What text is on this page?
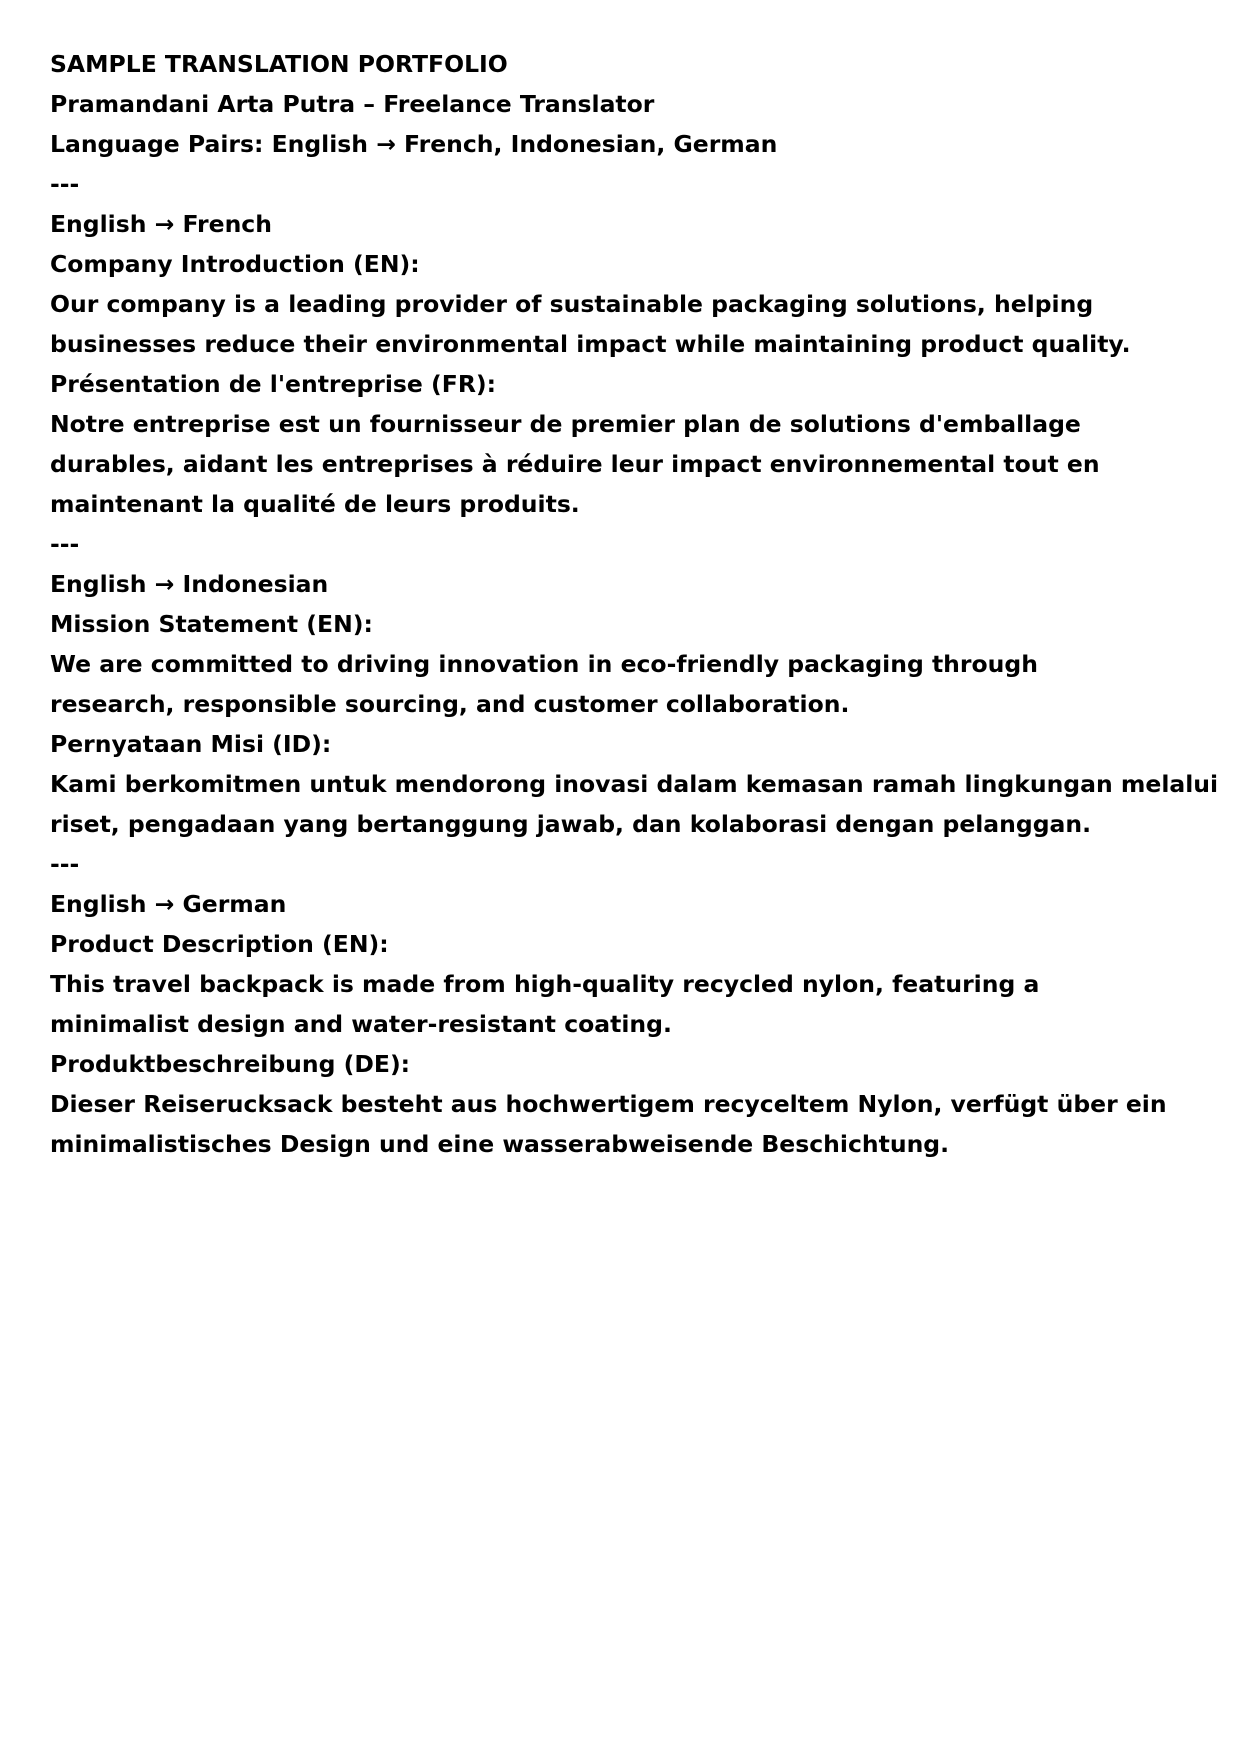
SAMPLE TRANSLATION PORTFOLIO
Pramandani Arta Putra – Freelance Translator
Language Pairs: English → French, Indonesian, German
---
English → French
Company Introduction (EN):
Our company is a leading provider of sustainable packaging solutions, helping
businesses reduce their environmental impact while maintaining product quality.
Présentation de l'entreprise (FR):
Notre entreprise est un fournisseur de premier plan de solutions d'emballage
durables, aidant les entreprises à réduire leur impact environnemental tout en
maintenant la qualité de leurs produits.
---
English → Indonesian
Mission Statement (EN):
We are committed to driving innovation in eco-friendly packaging through
research, responsible sourcing, and customer collaboration.
Pernyataan Misi (ID):
Kami berkomitmen untuk mendorong inovasi dalam kemasan ramah lingkungan melalui
riset, pengadaan yang bertanggung jawab, dan kolaborasi dengan pelanggan.
---
English → German
Product Description (EN):
This travel backpack is made from high-quality recycled nylon, featuring a
minimalist design and water-resistant coating.
Produktbeschreibung (DE):
Dieser Reiserucksack besteht aus hochwertigem recyceltem Nylon, verfügt über ein
minimalistisches Design und eine wasserabweisende Beschichtung.
